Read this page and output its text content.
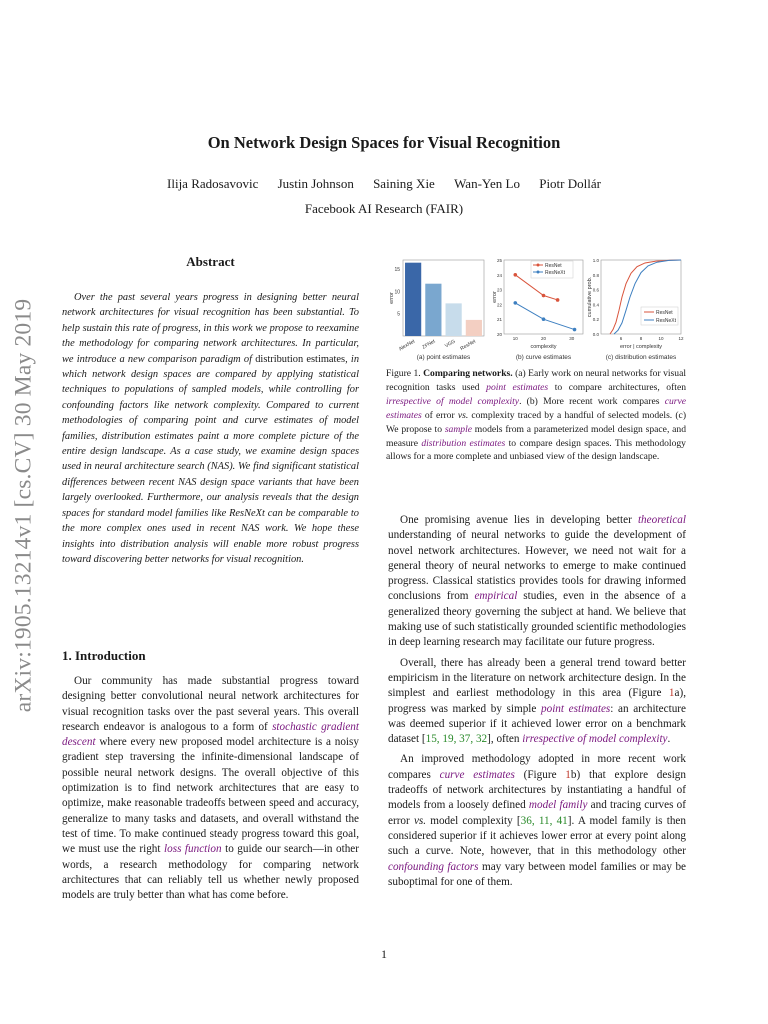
arXiv:1905.13214v1 [cs.CV] 30 May 2019
On Network Design Spaces for Visual Recognition
Ilija Radosavovic Justin Johnson Saining Xie Wan-Yen Lo Piotr Dollár
Facebook AI Research (FAIR)
Abstract
Over the past several years progress in designing better neural network architectures for visual recognition has been substantial. To help sustain this rate of progress, in this work we propose to reexamine the methodology for comparing network architectures. In particular, we introduce a new comparison paradigm of distribution estimates, in which network design spaces are compared by applying statistical techniques to populations of sampled models, while controlling for confounding factors like network complexity. Compared to current methodologies of comparing point and curve estimates of model families, distribution estimates paint a more complete picture of the entire design landscape. As a case study, we examine design spaces used in neural architecture search (NAS). We find significant statistical differences between recent NAS design space variants that have been largely overlooked. Furthermore, our analysis reveals that the design spaces for standard model families like ResNeXt can be comparable to the more complex ones used in recent NAS work. We hope these insights into distribution analysis will enable more robust progress toward discovering better networks for visual recognition.
1. Introduction
Our community has made substantial progress toward designing better convolutional neural network architectures for visual recognition tasks over the past several years. This overall research endeavor is analogous to a form of stochastic gradient descent where every new proposed model architecture is a noisy gradient step traversing the infinite-dimensional landscape of possible neural network designs. The overall objective of this optimization is to find network architectures that are easy to optimize, make reasonable tradeoffs between speed and accuracy, generalize to many tasks and datasets, and overall withstand the test of time. To make continued steady progress toward this goal, we must use the right loss function to guide our search—in other words, a research methodology for comparing network architectures that can reliably tell us whether newly proposed models are truly better than what has come before.
5
10
15
AlexNet ZFNet VGG ResNet
error
(a) point estimates
20
21
22
23
24
25
10	20	30
ResNet
ResNeXt
error
complexity
(b) curve estimates
0.0
0.2
0.4
0.6
0.8
1.0
6	8	10	12
ResNet
ResNeXt
cumulative prob.
error | complexity
(c) distribution estimates
Figure 1. Comparing networks. (a) Early work on neural networks for visual recognition tasks used point estimates to compare architectures, often irrespective of model complexity. (b) More recent work compares curve estimates of error vs. complexity traced by a handful of selected models. (c) We propose to sample models from a parameterized model design space, and measure distribution estimates to compare design spaces. This methodology allows for a more complete and unbiased view of the design landscape.

One promising avenue lies in developing better theoretical understanding of neural networks to guide the development of novel network architectures. However, we need not wait for a general theory of neural networks to emerge to make continued progress. Classical statistics provides tools for drawing informed conclusions from empirical studies, even in the absence of a generalized theory governing the subject at hand. We believe that making use of such statistically grounded scientific methodologies in deep learning research may facilitate our future progress.

Overall, there has already been a general trend toward better empiricism in the literature on network architecture design. In the simplest and earliest methodology in this area (Figure 1a), progress was marked by simple point estimates: an architecture was deemed superior if it achieved lower error on a benchmark dataset [15, 19, 37, 32], often irrespective of model complexity.

An improved methodology adopted in more recent work compares curve estimates (Figure 1b) that explore design tradeoffs of network architectures by instantiating a handful of models from a loosely defined model family and tracing curves of error vs. model complexity [36, 11, 41]. A model family is then considered superior if it achieves lower error at every point along such a curve. Note, however, that in this methodology other confounding factors may vary between model families or may be suboptimal for one of them.

1
